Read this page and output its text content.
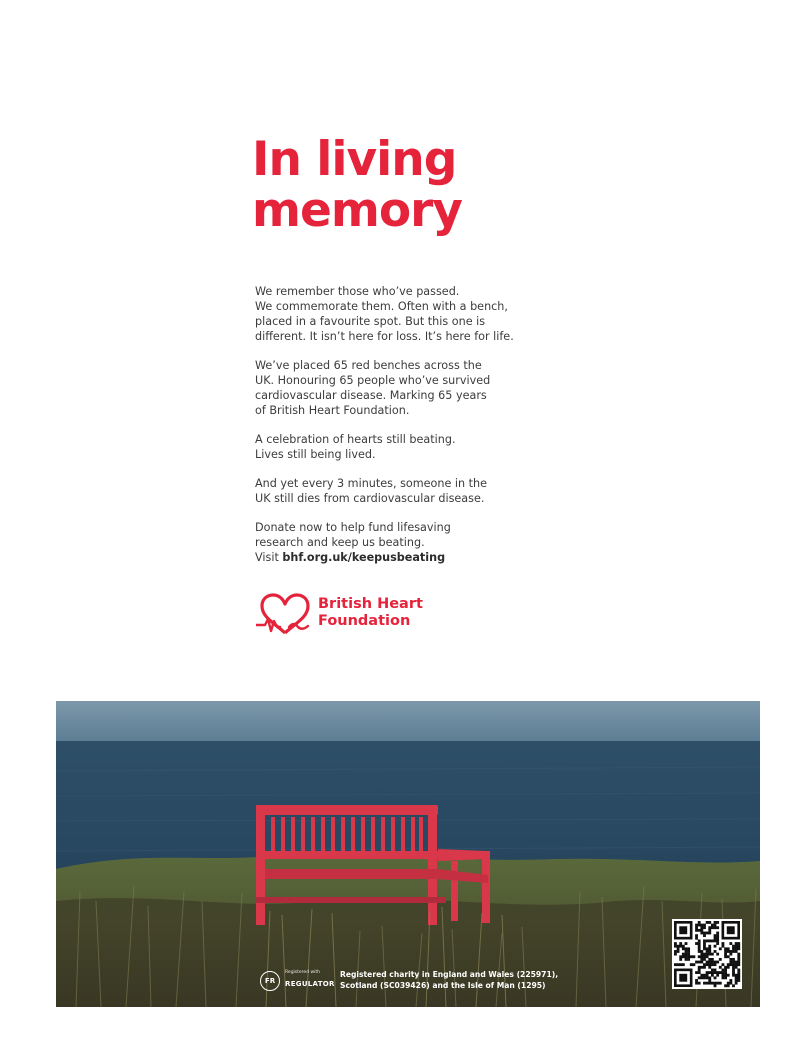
In living
memory

We remember those who’ve passed.
We commemorate them. Often with a bench,
placed in a favourite spot. But this one is
different. It isn’t here for loss. It’s here for life.

We’ve placed 65 red benches across the
UK. Honouring 65 people who’ve survived
cardiovascular disease. Marking 65 years
of British Heart Foundation.

A celebration of hearts still beating.
Lives still being lived.

And yet every 3 minutes, someone in the
UK still dies from cardiovascular disease.

Donate now to help fund lifesaving
research and keep us beating.
Visit bhf.org.uk/keepusbeating

British Heart
Foundation
FR
Registered with
REGULATOR
Registered charity in England and Wales (225971),
Scotland (SC039426) and the Isle of Man (1295)
